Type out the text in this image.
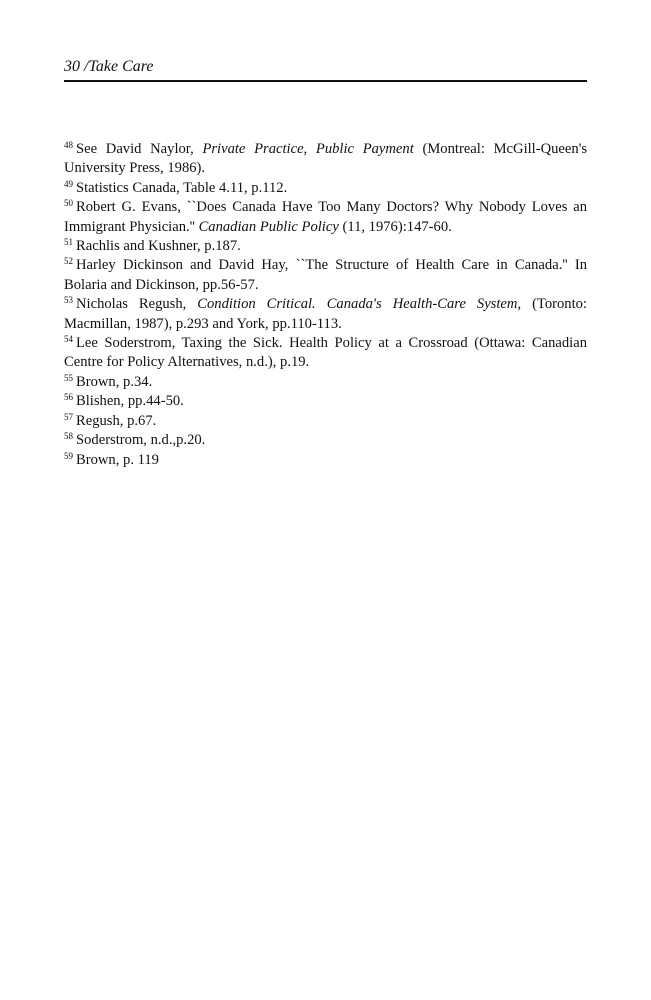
30 /Take Care

$^{48}$ See David Naylor, Private Practice, Public Payment (Montreal: McGill-Queen's University Press, 1986).

$^{49}$ Statistics Canada, Table 4.11, p.112.

$^{50}$ Robert G. Evans, ``Does Canada Have Too Many Doctors? Why Nobody Loves an Immigrant Physician.'' Canadian Public Policy (11, 1976):147-60.

$^{51}$ Rachlis and Kushner, p.187.

$^{52}$ Harley Dickinson and David Hay, ``The Structure of Health Care in Canada.'' In Bolaria and Dickinson, pp.56-57.

$^{53}$ Nicholas Regush, Condition Critical. Canada's Health-Care System, (Toronto: Macmillan, 1987), p.293 and York, pp.110-113.

$^{54}$ Lee Soderstrom, Taxing the Sick. Health Policy at a Crossroad (Ottawa: Canadian Centre for Policy Alternatives, n.d.), p.19.

$^{55}$ Brown, p.34.

$^{56}$ Blishen, pp.44-50.

$^{57}$ Regush, p.67.

$^{58}$ Soderstrom, n.d.,p.20.

$^{59}$ Brown, p. 119
